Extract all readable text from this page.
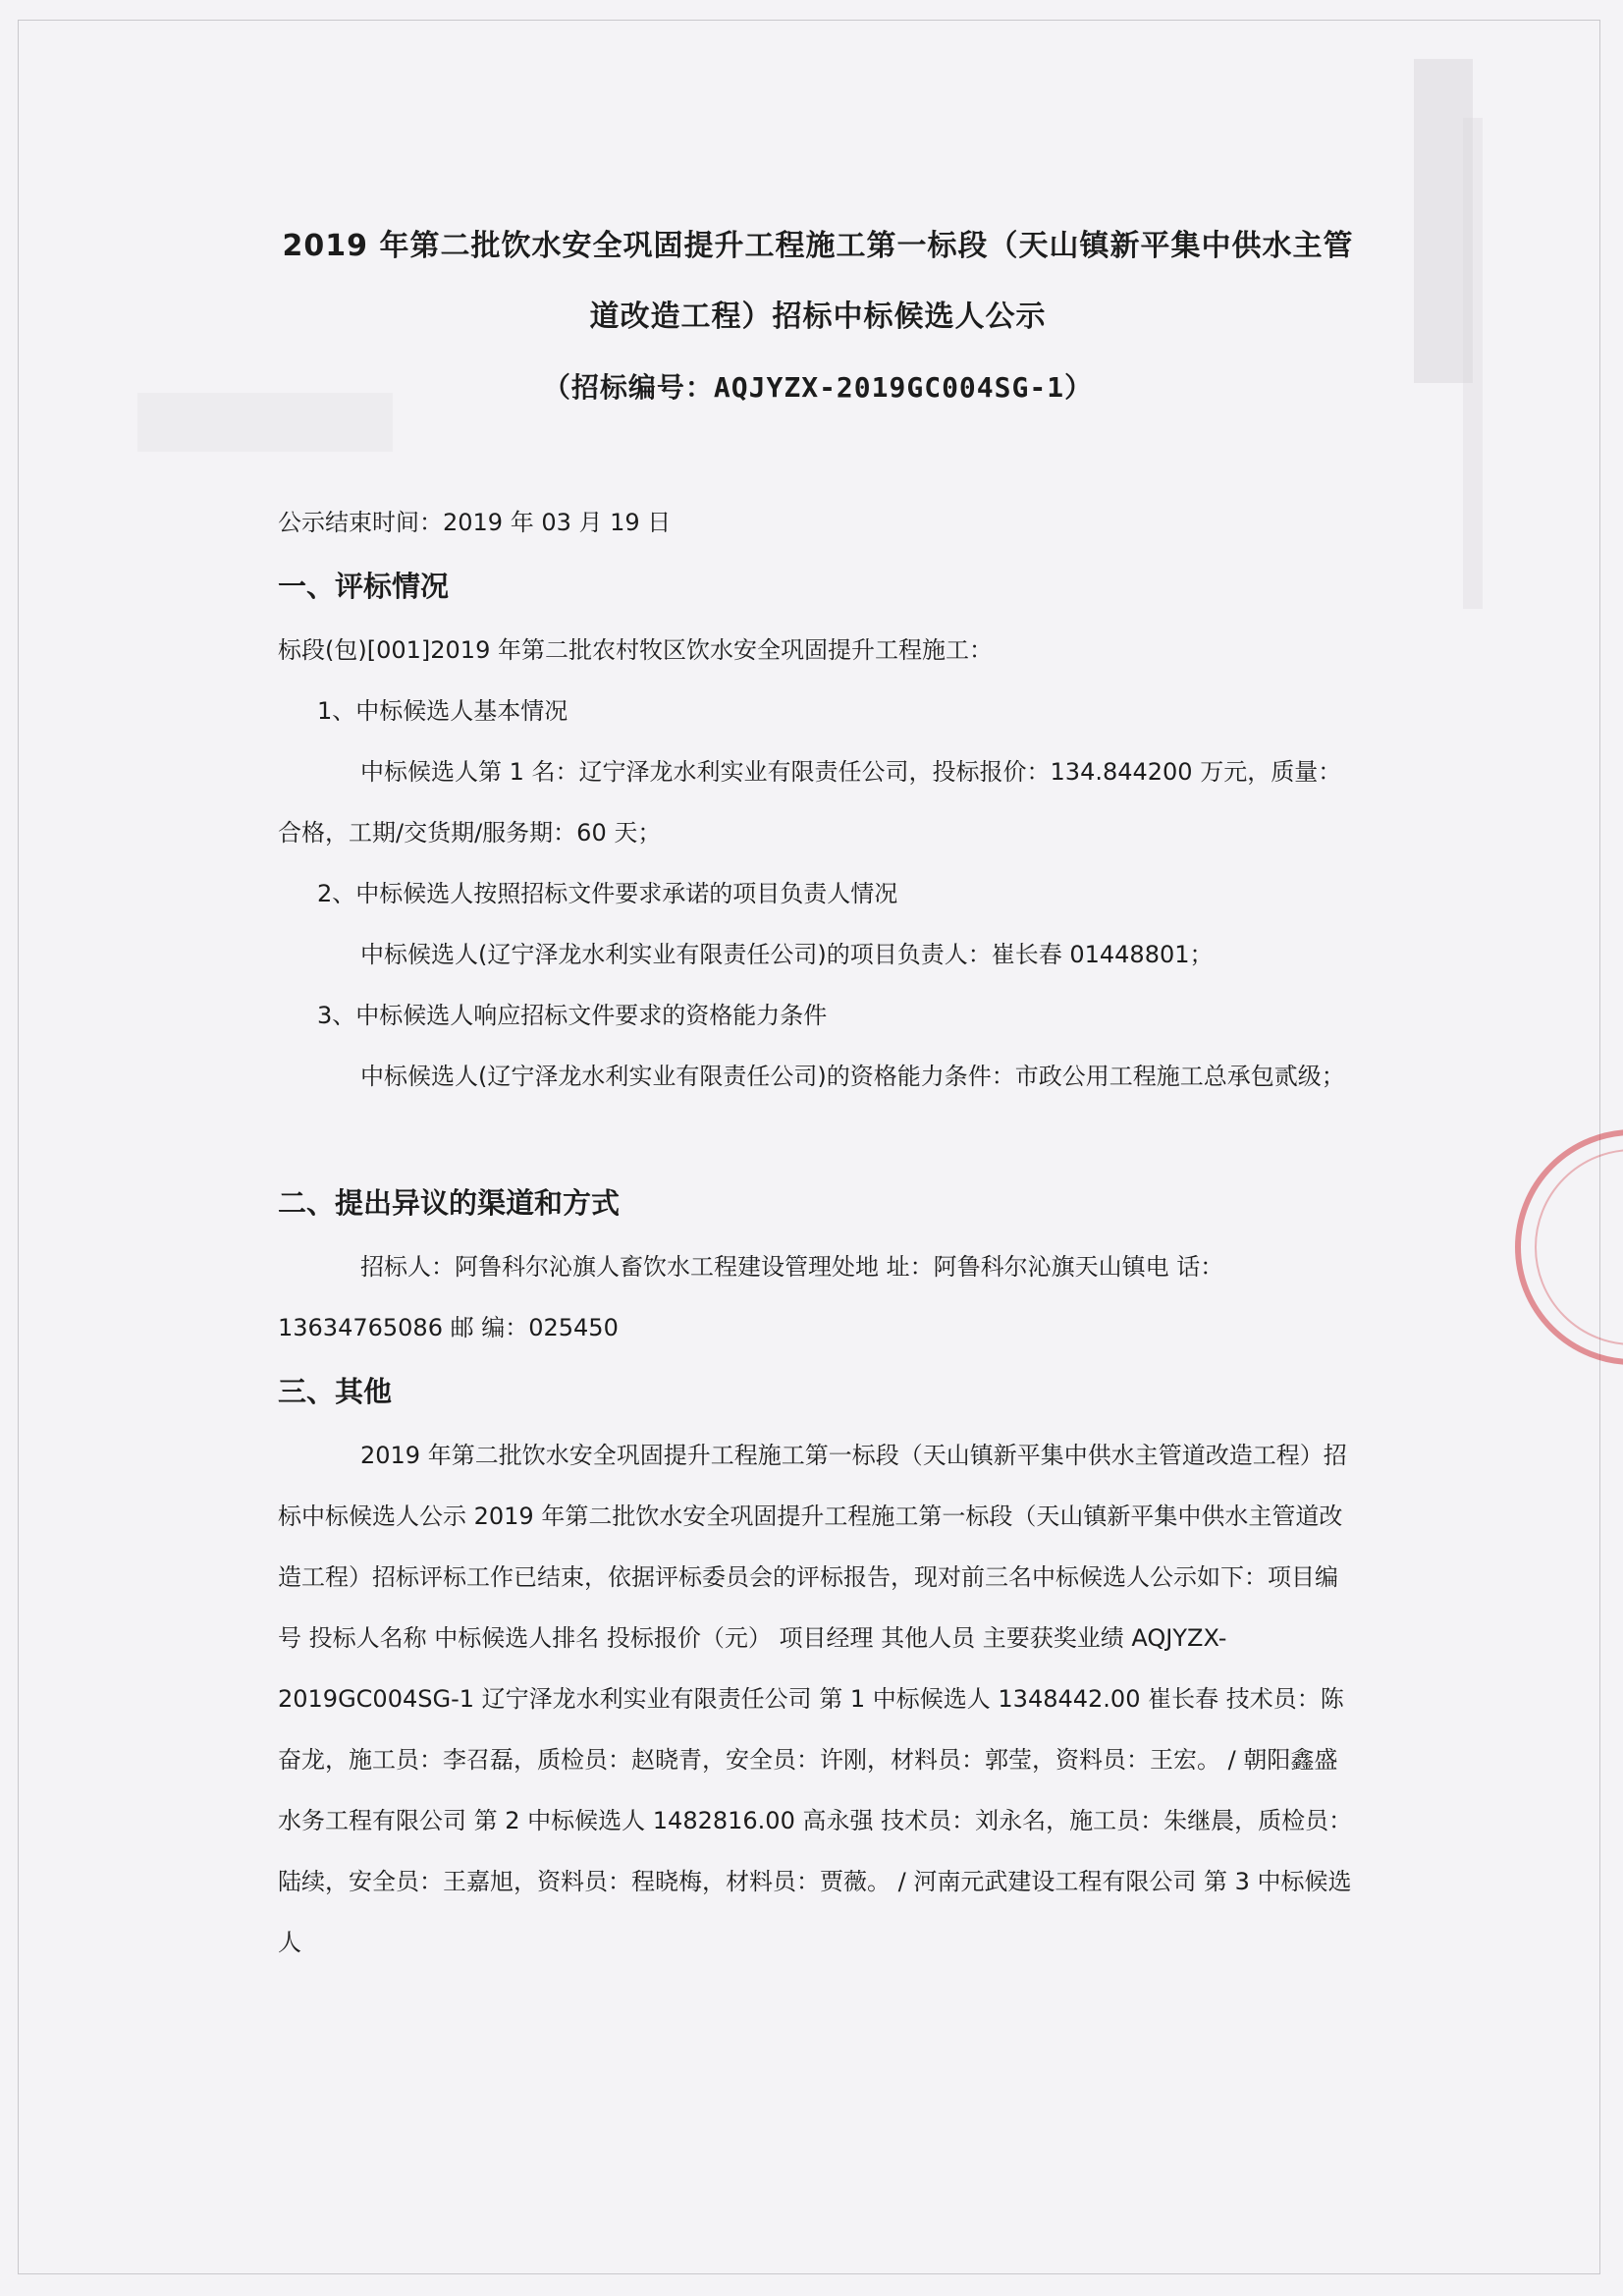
2019 年第二批饮水安全巩固提升工程施工第一标段（天山镇新平集中供水主管
道改造工程）招标中标候选人公示
（招标编号：AQJYZX-2019GC004SG-1）

公示结束时间：2019 年 03 月 19 日

一、评标情况

标段(包)[001]2019 年第二批农村牧区饮水安全巩固提升工程施工：

1、中标候选人基本情况

中标候选人第 1 名：辽宁泽龙水利实业有限责任公司，投标报价：134.844200 万元，质量：合格，工期/交货期/服务期：60 天；

2、中标候选人按照招标文件要求承诺的项目负责人情况

中标候选人(辽宁泽龙水利实业有限责任公司)的项目负责人：崔长春 01448801；

3、中标候选人响应招标文件要求的资格能力条件

中标候选人(辽宁泽龙水利实业有限责任公司)的资格能力条件：市政公用工程施工总承包贰级；

二、提出异议的渠道和方式

招标人：阿鲁科尔沁旗人畜饮水工程建设管理处地 址：阿鲁科尔沁旗天山镇电 话：13634765086 邮 编：025450

三、其他

2019 年第二批饮水安全巩固提升工程施工第一标段（天山镇新平集中供水主管道改造工程）招标中标候选人公示 2019 年第二批饮水安全巩固提升工程施工第一标段（天山镇新平集中供水主管道改造工程）招标评标工作已结束，依据评标委员会的评标报告，现对前三名中标候选人公示如下：项目编号 投标人名称 中标候选人排名 投标报价（元） 项目经理 其他人员 主要获奖业绩 AQJYZX-2019GC004SG-1 辽宁泽龙水利实业有限责任公司 第 1 中标候选人 1348442.00 崔长春 技术员：陈奋龙，施工员：李召磊，质检员：赵晓青，安全员：许刚，材料员：郭莹，资料员：王宏。 / 朝阳鑫盛水务工程有限公司 第 2 中标候选人 1482816.00 高永强 技术员：刘永名，施工员：朱继晨，质检员：陆续，安全员：王嘉旭，资料员：程晓梅，材料员：贾薇。 / 河南元武建设工程有限公司 第 3 中标候选人
